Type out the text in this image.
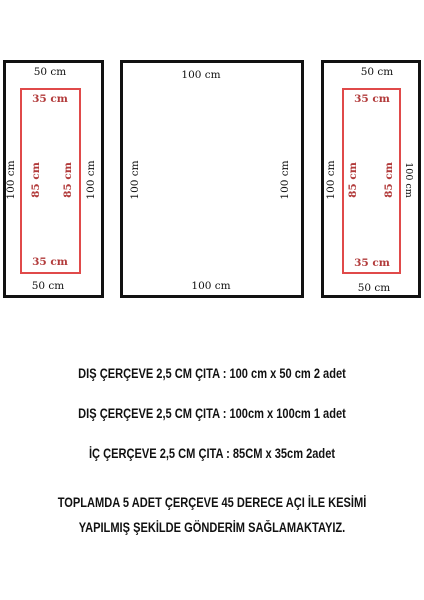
50 cm
50 cm
100 cm	100 cm
35 cm
35 cm
85 cm 85 cm
100 cm
100 cm
100 cm	100 cm
50 cm
50 cm
100 cm	100 cm
35 cm
35 cm
85 cm 85 cm
DIŞ ÇERÇEVE 2,5 CM ÇITA : 100 cm x 50 cm 2 adet
DIŞ ÇERÇEVE 2,5 CM ÇITA : 100cm x 100cm 1 adet
İÇ ÇERÇEVE 2,5 CM ÇITA : 85CM x 35cm 2adet
TOPLAMDA 5 ADET ÇERÇEVE 45 DERECE AÇI İLE KESİMİ
YAPILMIŞ ŞEKİLDE GÖNDERİM SAĞLAMAKTAYIZ.
